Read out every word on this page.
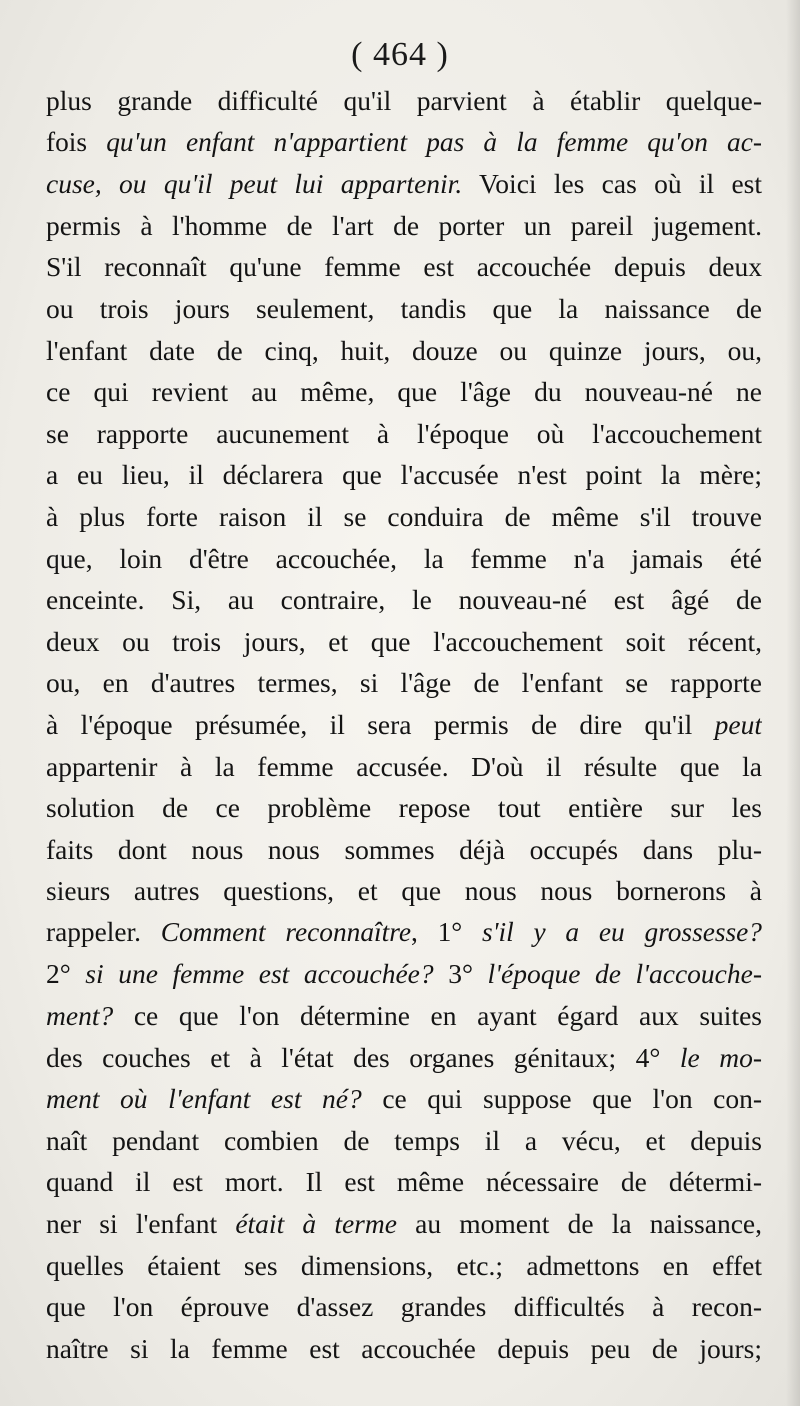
( 464 )
plus grande difficulté qu'il parvient à établir quelque-
fois qu'un enfant n'appartient pas à la femme qu'on ac-
cuse, ou qu'il peut lui appartenir. Voici les cas où il est
permis à l'homme de l'art de porter un pareil jugement.
S'il reconnaît qu'une femme est accouchée depuis deux
ou trois jours seulement, tandis que la naissance de
l'enfant date de cinq, huit, douze ou quinze jours, ou,
ce qui revient au même, que l'âge du nouveau-né ne
se rapporte aucunement à l'époque où l'accouchement
a eu lieu, il déclarera que l'accusée n'est point la mère;
à plus forte raison il se conduira de même s'il trouve
que, loin d'être accouchée, la femme n'a jamais été
enceinte. Si, au contraire, le nouveau-né est âgé de
deux ou trois jours, et que l'accouchement soit récent,
ou, en d'autres termes, si l'âge de l'enfant se rapporte
à l'époque présumée, il sera permis de dire qu'il peut
appartenir à la femme accusée. D'où il résulte que la
solution de ce problème repose tout entière sur les
faits dont nous nous sommes déjà occupés dans plu-
sieurs autres questions, et que nous nous bornerons à
rappeler. Comment reconnaître, 1° s'il y a eu grossesse?
2° si une femme est accouchée? 3° l'époque de l'accouche-
ment? ce que l'on détermine en ayant égard aux suites
des couches et à l'état des organes génitaux; 4° le mo-
ment où l'enfant est né? ce qui suppose que l'on con-
naît pendant combien de temps il a vécu, et depuis
quand il est mort. Il est même nécessaire de détermi-
ner si l'enfant était à terme au moment de la naissance,
quelles étaient ses dimensions, etc.; admettons en effet
que l'on éprouve d'assez grandes difficultés à recon-
naître si la femme est accouchée depuis peu de jours;
